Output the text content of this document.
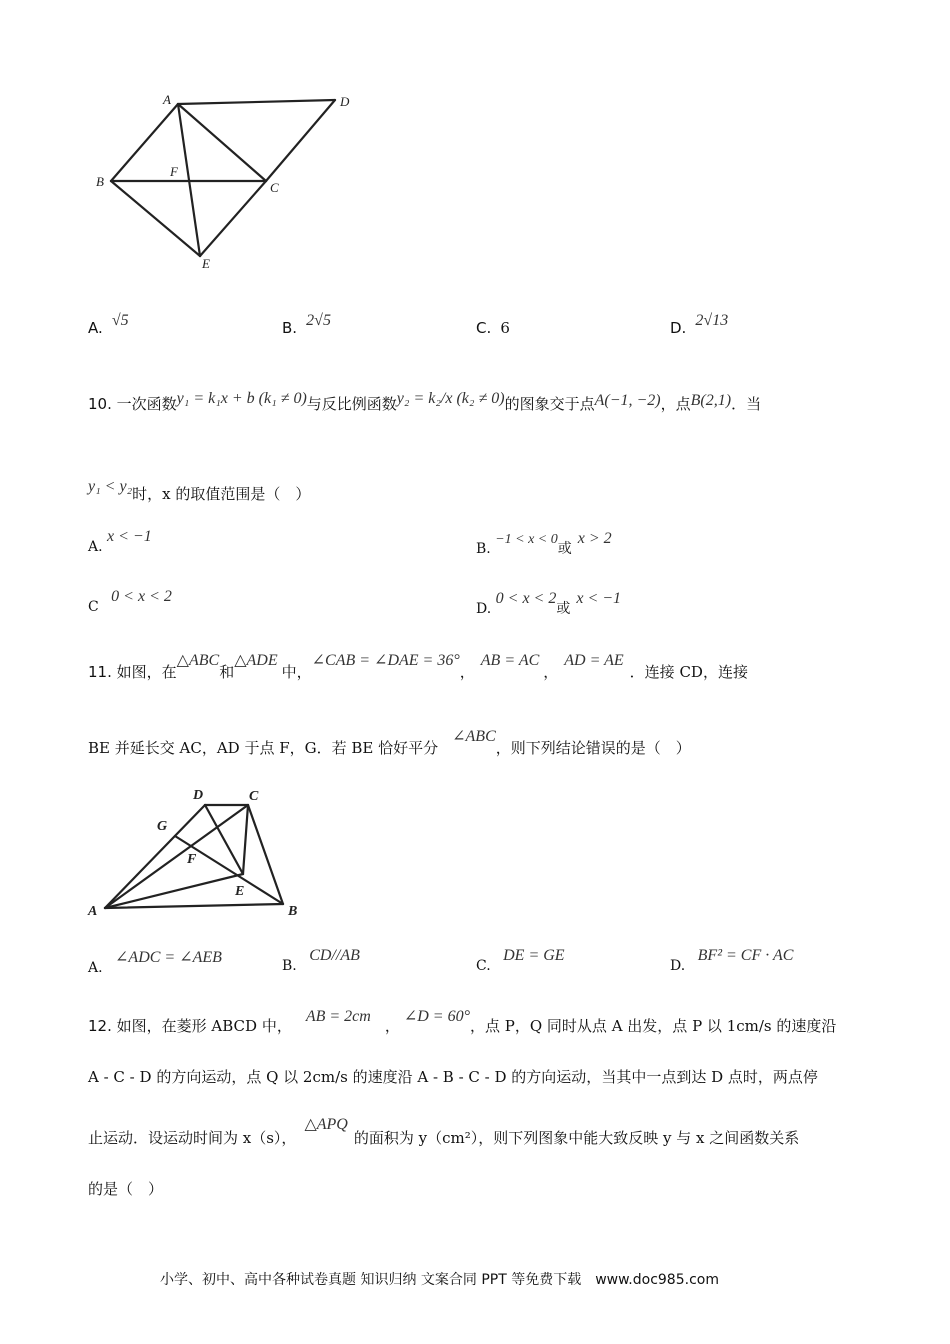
A	D
B
F
C
E
A. √5	B. 2√5	C. 6	D. 2√13
10. 一次函数y₁ = k₁x + b (k₁ ≠ 0)与反比例函数y₂ = k₂/x (k₂ ≠ 0)的图象交于点A(−1, −2)，点B(2,1)．当
y₁ < y₂时，x 的取值范围是（　）
A. x < −1
B. −1 < x < 0或x > 2
C 0 < x < 2
D. 0 < x < 2或x < −1
11. 如图，在△ABC和△ADE中，∠CAB = ∠DAE = 36°，AB = AC，AD = AE．连接 CD，连接
BE 并延长交 AC，AD 于点 F，G．若 BE 恰好平分∠ABC，则下列结论错误的是（　）
D	C
G
F
E
A	B
A. ∠ADC = ∠AEB	B. CD//AB
C. DE = GE
D. BF² = CF · AC
12. 如图，在菱形 ABCD 中，AB = 2cm，∠D = 60°，点 P，Q 同时从点 A 出发，点 P 以 1cm/s 的速度沿
A - C - D 的方向运动，点 Q 以 2cm/s 的速度沿 A - B - C - D 的方向运动，当其中一点到达 D 点时，两点停
止运动．设运动时间为 x（s），△APQ的面积为 y（cm²），则下列图象中能大致反映 y 与 x 之间函数关系
的是（　）
小学、初中、高中各种试卷真题 知识归纳 文案合同 PPT 等免费下载　www.doc985.com
